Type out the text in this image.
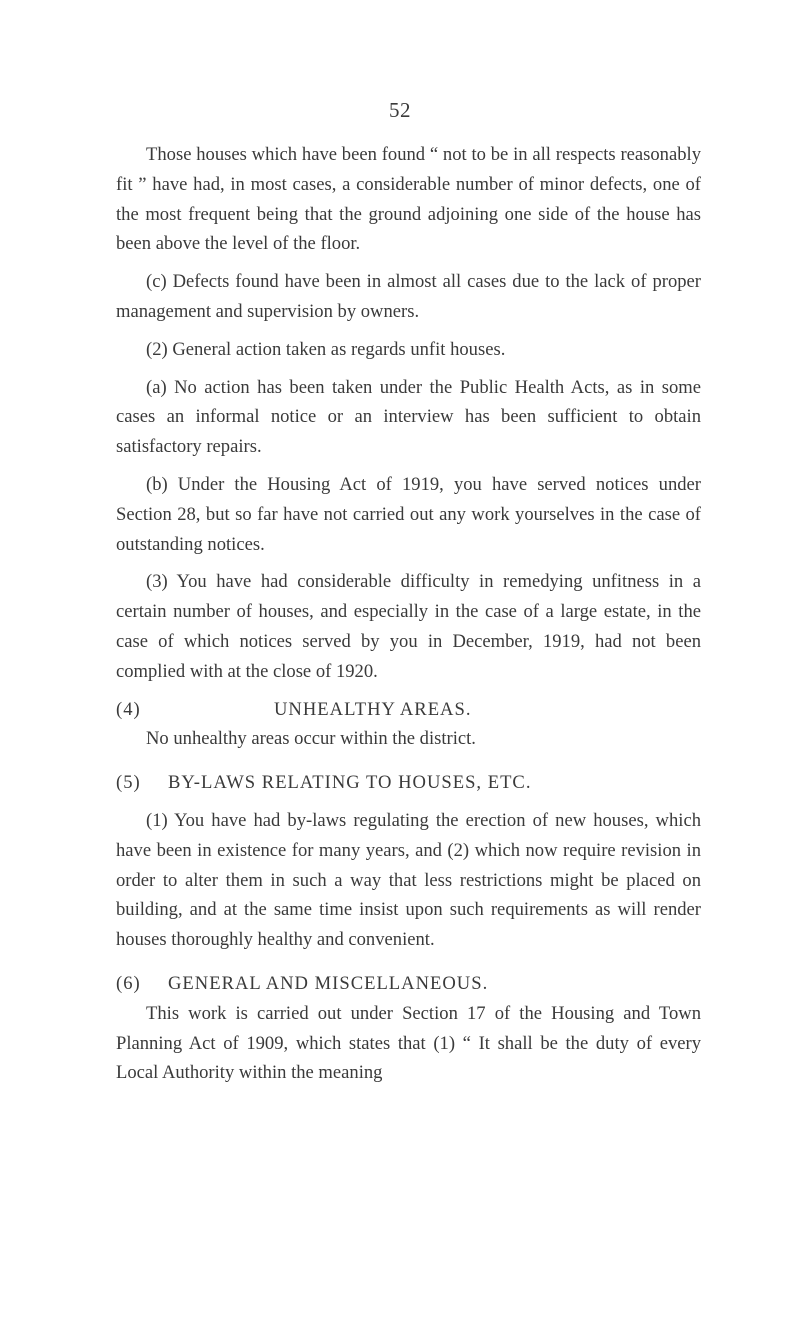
52

Those houses which have been found “ not to be in all respects reasonably fit ” have had, in most cases, a considerable number of minor defects, one of the most frequent being that the ground adjoining one side of the house has been above the level of the floor.

(c) Defects found have been in almost all cases due to the lack of proper management and supervision by owners.

(2) General action taken as regards unfit houses.

(a) No action has been taken under the Public Health Acts, as in some cases an informal notice or an interview has been sufficient to obtain satisfactory repairs.

(b) Under the Housing Act of 1919, you have served notices under Section 28, but so far have not carried out any work yourselves in the case of outstanding notices.

(3) You have had considerable difficulty in remedying unfitness in a certain number of houses, and especially in the case of a large estate, in the case of which notices served by you in December, 1919, had not been complied with at the close of 1920.

(4)	UNHEALTHY AREAS.

No unhealthy areas occur within the district.

(5)	BY-LAWS RELATING TO HOUSES, ETC.

(1) You have had by-laws regulating the erection of new houses, which have been in existence for many years, and (2) which now require revision in order to alter them in such a way that less restrictions might be placed on building, and at the same time insist upon such requirements as will render houses thoroughly healthy and convenient.

(6)	GENERAL AND MISCELLANEOUS.

This work is carried out under Section 17 of the Housing and Town Planning Act of 1909, which states that (1) “ It shall be the duty of every Local Authority within the meaning
